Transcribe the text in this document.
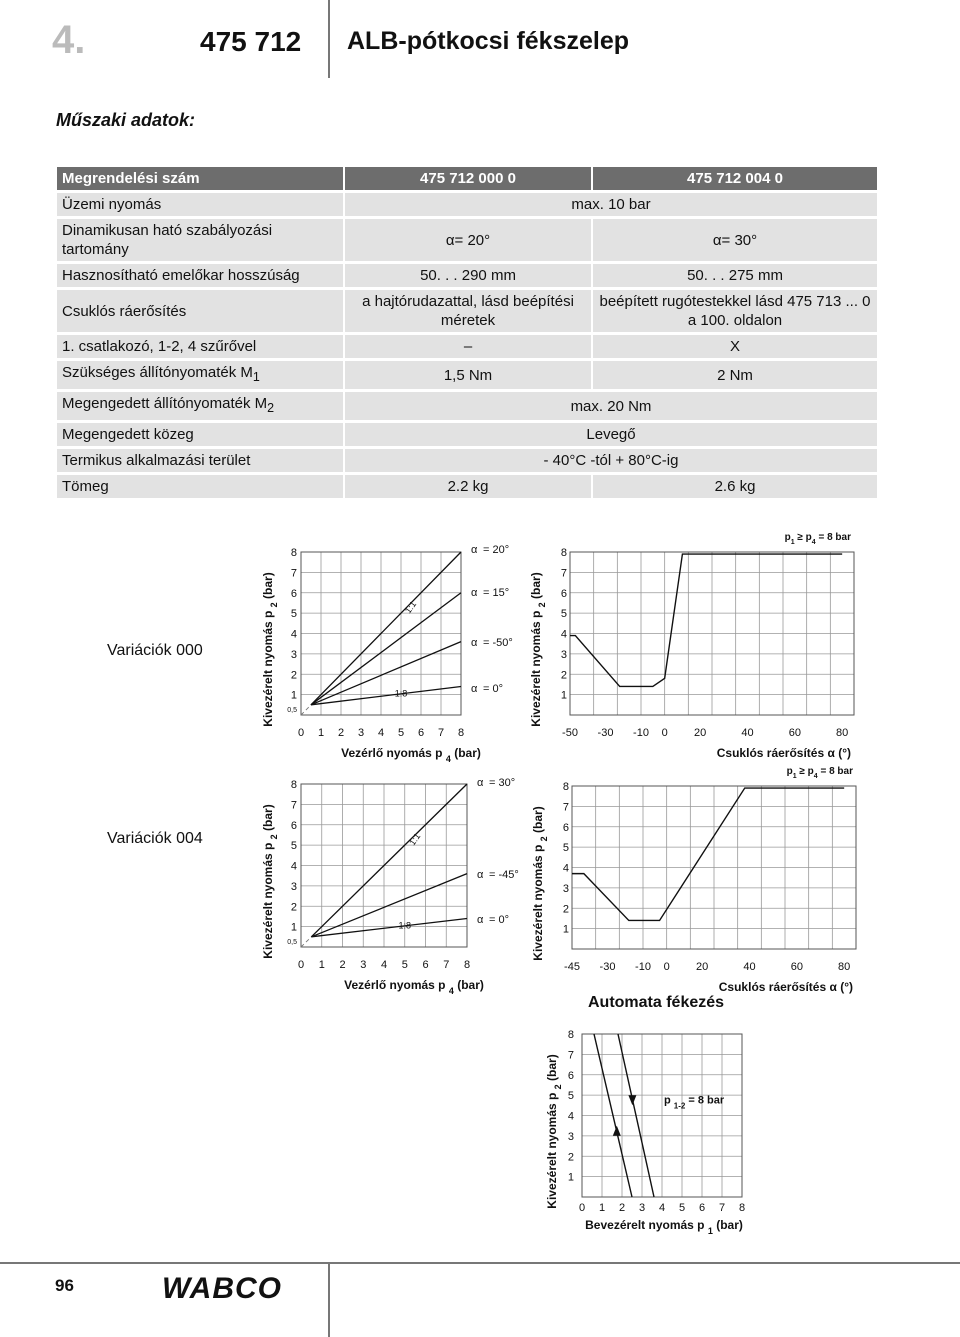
4.	475 712 ALB-pótkocsi fékszelep
Műszaki adatok:
Megrendelési szám	475 712 000 0	475 712 004 0
Üzemi nyomás	max. 10 bar	
Dinamikusan ható szabályozási tartomány	α= 20°	α= 30°
Hasznosítható emelőkar hosszúság	50. . . 290 mm	50. . . 275 mm
Csuklós ráerősítés	a hajtórudazattal, lásd beépítési méretek	beépített rugótestekkel lásd 475 713 ... 0 a 100. oldalon
1. csatlakozó, 1-2, 4 szűrővel	–	X
Szükséges állítónyomaték $M_1$	1,5 Nm	2 Nm
Megengedett állítónyomaték $M_2$	max. 20 Nm	
Megengedett közeg	Levegő	
Termikus alkalmazási terület	- 40°C -tól + 80°C-ig	
Tömeg	2.2 kg	2.6 kg
Variációk 000
Variációk 004
Automata fékezés
1
2
3
4
5
6
7
8
0,5
0 1 2 3 4 5 6 7 8
α = 20°
α = 15°
α = -50°
α = 0°
1:1
1:8
Vezérlő nyomás p $_4$ (bar)
Kivezérelt nyomás p $_2$ (bar)
1
2
3
4
5
6
7
8
-50 -30 -10 0 20	40	60	80
Csuklós ráerősítés α (°)
$p_1 \ge p_4 = 8$ bar
Kivezérelt nyomás p $_2$ (bar)
1
2
3
4
5
6
7
8
0,5
0 1 2 3 4 5 6 7 8
α = 30°
α = -45°
α = 0°
1:1
1:8
Vezérlő nyomás p $_4$ (bar)
Kivezérelt nyomás p $_2$ (bar)
1
2
3
4
5
6
7
8
-45 -30 -10 0 20	40	60	80
Csuklós ráerősítés α (°)
$p_1 \ge p_4 = 8$ bar
Kivezérelt nyomás p $_2$ (bar)
1
2
3
4
5
6
7
8
0 1 2 3 4 5 6 7 8
p $_{1-2}$ = 8 bar
Bevezérelt nyomás p $_1$ (bar)
Kivezérelt nyomás p $_2$ (bar)
96	WABCO
